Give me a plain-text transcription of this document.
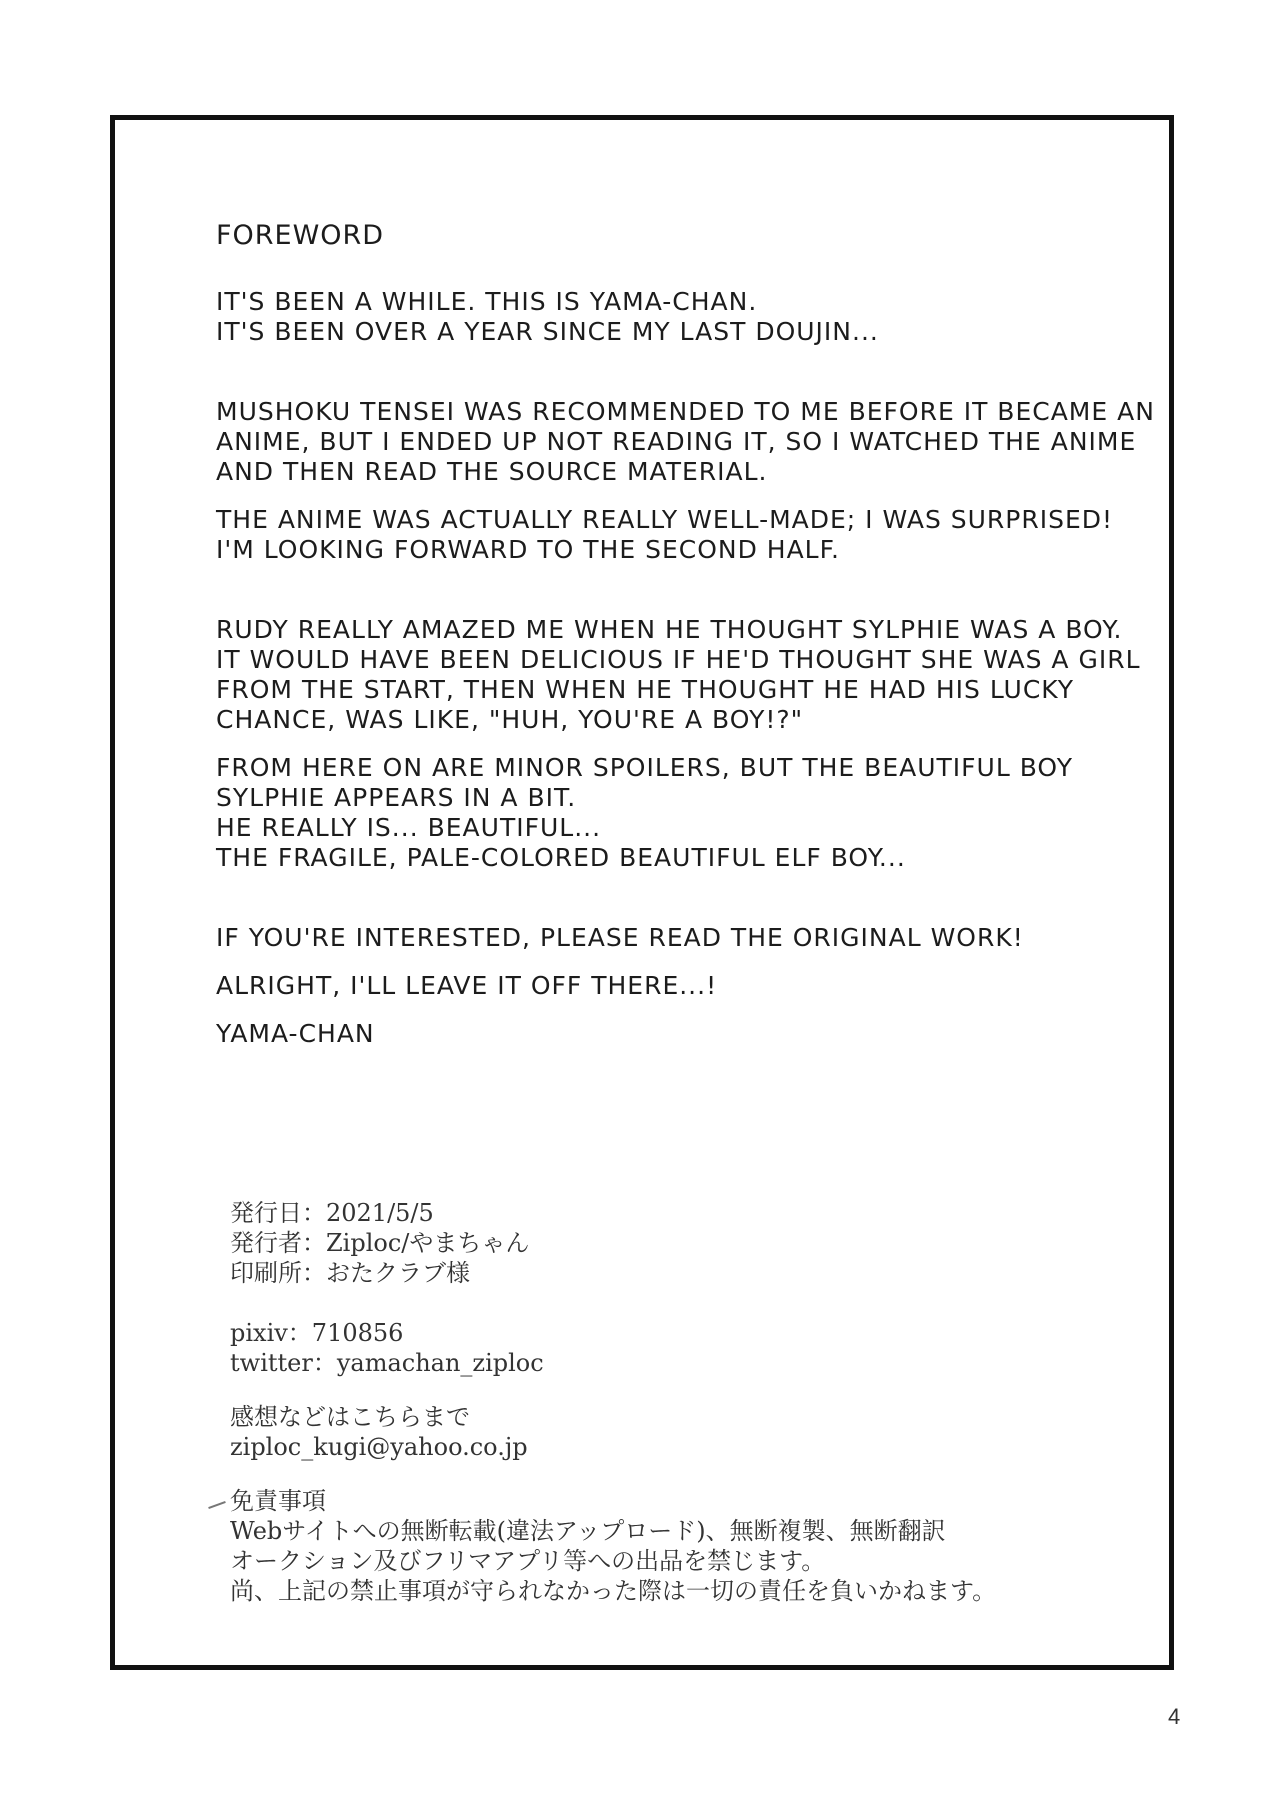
FOREWORD
IT'S BEEN A WHILE. THIS IS YAMA-CHAN.
IT'S BEEN OVER A YEAR SINCE MY LAST DOUJIN...
MUSHOKU TENSEI WAS RECOMMENDED TO ME BEFORE IT BECAME AN
ANIME, BUT I ENDED UP NOT READING IT, SO I WATCHED THE ANIME
AND THEN READ THE SOURCE MATERIAL.
THE ANIME WAS ACTUALLY REALLY WELL-MADE; I WAS SURPRISED!
I'M LOOKING FORWARD TO THE SECOND HALF.
RUDY REALLY AMAZED ME WHEN HE THOUGHT SYLPHIE WAS A BOY.
IT WOULD HAVE BEEN DELICIOUS IF HE'D THOUGHT SHE WAS A GIRL
FROM THE START, THEN WHEN HE THOUGHT HE HAD HIS LUCKY
CHANCE, WAS LIKE, "HUH, YOU'RE A BOY!?"
FROM HERE ON ARE MINOR SPOILERS, BUT THE BEAUTIFUL BOY
SYLPHIE APPEARS IN A BIT.
HE REALLY IS... BEAUTIFUL...
THE FRAGILE, PALE-COLORED BEAUTIFUL ELF BOY...
IF YOU'RE INTERESTED, PLEASE READ THE ORIGINAL WORK!
ALRIGHT, I'LL LEAVE IT OFF THERE...!
YAMA-CHAN
発行日：2021/5/5
発行者：Ziploc/やまちゃん
印刷所：おたクラブ様
pixiv：710856
twitter：yamachan_ziploc
感想などはこちらまで
ziploc_kugi@yahoo.co.jp
免責事項
Webサイトへの無断転載(違法アップロード)、無断複製、無断翻訳
オークション及びフリマアプリ等への出品を禁じます。
尚、上記の禁止事項が守られなかった際は一切の責任を負いかねます。
4
